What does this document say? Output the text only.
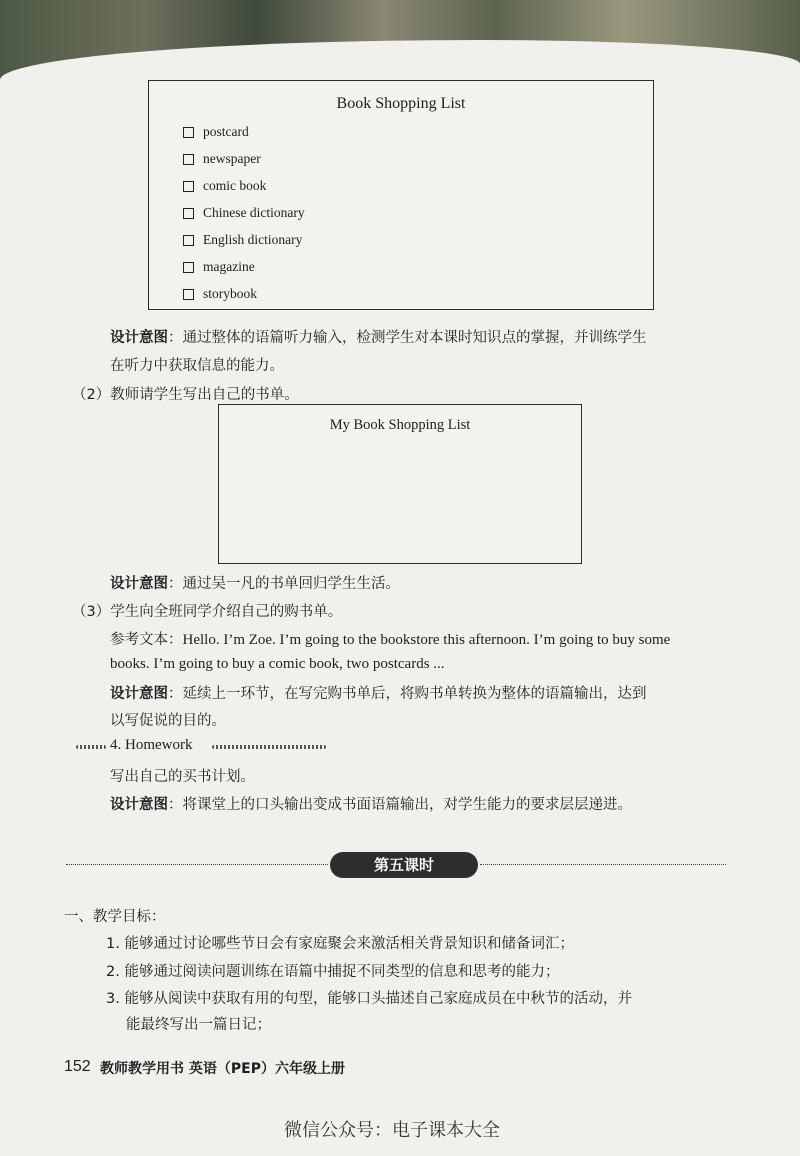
Book Shopping List
postcard
newspaper
comic book
Chinese dictionary
English dictionary
magazine
storybook
设计意图：通过整体的语篇听力输入，检测学生对本课时知识点的掌握，并训练学生
在听力中获取信息的能力。
（2）教师请学生写出自己的书单。
My Book Shopping List
设计意图：通过吴一凡的书单回归学生生活。
（3）学生向全班同学介绍自己的购书单。
参考文本：Hello. I’m Zoe. I’m going to the bookstore this afternoon. I’m going to buy some
books. I’m going to buy a comic book, two postcards ...
设计意图：延续上一环节，在写完购书单后，将购书单转换为整体的语篇输出，达到
以写促说的目的。
4. Homework
写出自己的买书计划。
设计意图：将课堂上的口头输出变成书面语篇输出，对学生能力的要求层层递进。
第五课时
一、教学目标：
1. 能够通过讨论哪些节日会有家庭聚会来激活相关背景知识和储备词汇；
2. 能够通过阅读问题训练在语篇中捕捉不同类型的信息和思考的能力；
3. 能够从阅读中获取有用的句型，能够口头描述自己家庭成员在中秋节的活动，并
能最终写出一篇日记；
152 教师教学用书 英语（PEP）六年级上册
微信公众号：电子课本大全
